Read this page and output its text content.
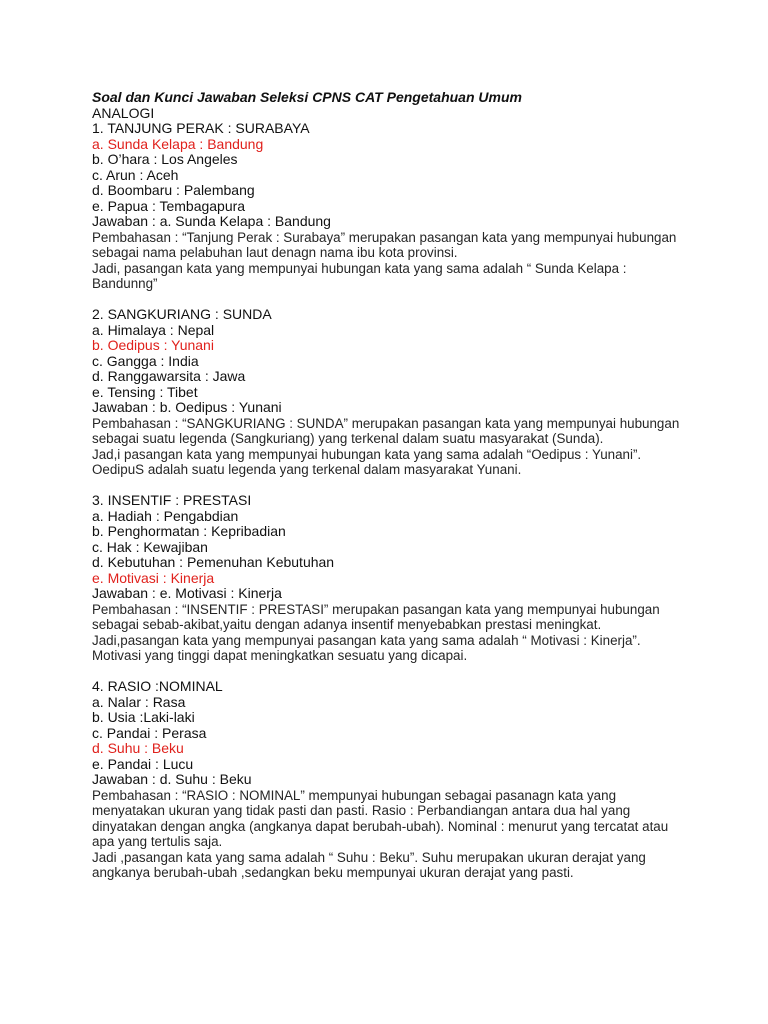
Soal dan Kunci Jawaban Seleksi CPNS CAT Pengetahuan Umum

ANALOGI

1. TANJUNG PERAK : SURABAYA

a. Sunda Kelapa : Bandung

b. O’hara : Los Angeles

c. Arun : Aceh

d. Boombaru : Palembang

e. Papua : Tembagapura

Jawaban : a. Sunda Kelapa : Bandung

Pembahasan : “Tanjung Perak : Surabaya” merupakan pasangan kata yang mempunyai hubungan sebagai nama pelabuhan laut denagn nama ibu kota provinsi.

Jadi, pasangan kata yang mempunyai hubungan kata yang sama adalah “ Sunda Kelapa : Bandunng”

2. SANGKURIANG : SUNDA

a. Himalaya : Nepal

b. Oedipus : Yunani

c. Gangga : India

d. Ranggawarsita : Jawa

e. Tensing : Tibet

Jawaban : b. Oedipus : Yunani

Pembahasan : “SANGKURIANG : SUNDA” merupakan pasangan kata yang mempunyai hubungan sebagai suatu legenda (Sangkuriang) yang terkenal dalam suatu masyarakat (Sunda).

Jad,i pasangan kata yang mempunyai hubungan kata yang sama adalah “Oedipus : Yunani”. OedipuS adalah suatu legenda yang terkenal dalam masyarakat Yunani.

3. INSENTIF : PRESTASI

a. Hadiah : Pengabdian

b. Penghormatan : Kepribadian

c. Hak : Kewajiban

d. Kebutuhan : Pemenuhan Kebutuhan

e. Motivasi : Kinerja

Jawaban : e. Motivasi : Kinerja

Pembahasan : “INSENTIF : PRESTASI” merupakan pasangan kata yang mempunyai hubungan sebagai sebab-akibat,yaitu dengan adanya insentif menyebabkan prestasi meningkat.

Jadi,pasangan kata yang mempunyai pasangan kata yang sama adalah “ Motivasi : Kinerja”. Motivasi yang tinggi dapat meningkatkan sesuatu yang dicapai.

4. RASIO :NOMINAL

a. Nalar : Rasa

b. Usia :Laki-laki

c. Pandai : Perasa

d. Suhu : Beku

e. Pandai : Lucu

Jawaban : d. Suhu : Beku

Pembahasan : “RASIO : NOMINAL” mempunyai hubungan sebagai pasanagn kata yang menyatakan ukuran yang tidak pasti dan pasti. Rasio : Perbandiangan antara dua hal yang dinyatakan dengan angka (angkanya dapat berubah-ubah). Nominal : menurut yang tercatat atau apa yang tertulis saja.

Jadi ,pasangan kata yang sama adalah “ Suhu : Beku”. Suhu merupakan ukuran derajat yang angkanya berubah-ubah ,sedangkan beku mempunyai ukuran derajat yang pasti.
